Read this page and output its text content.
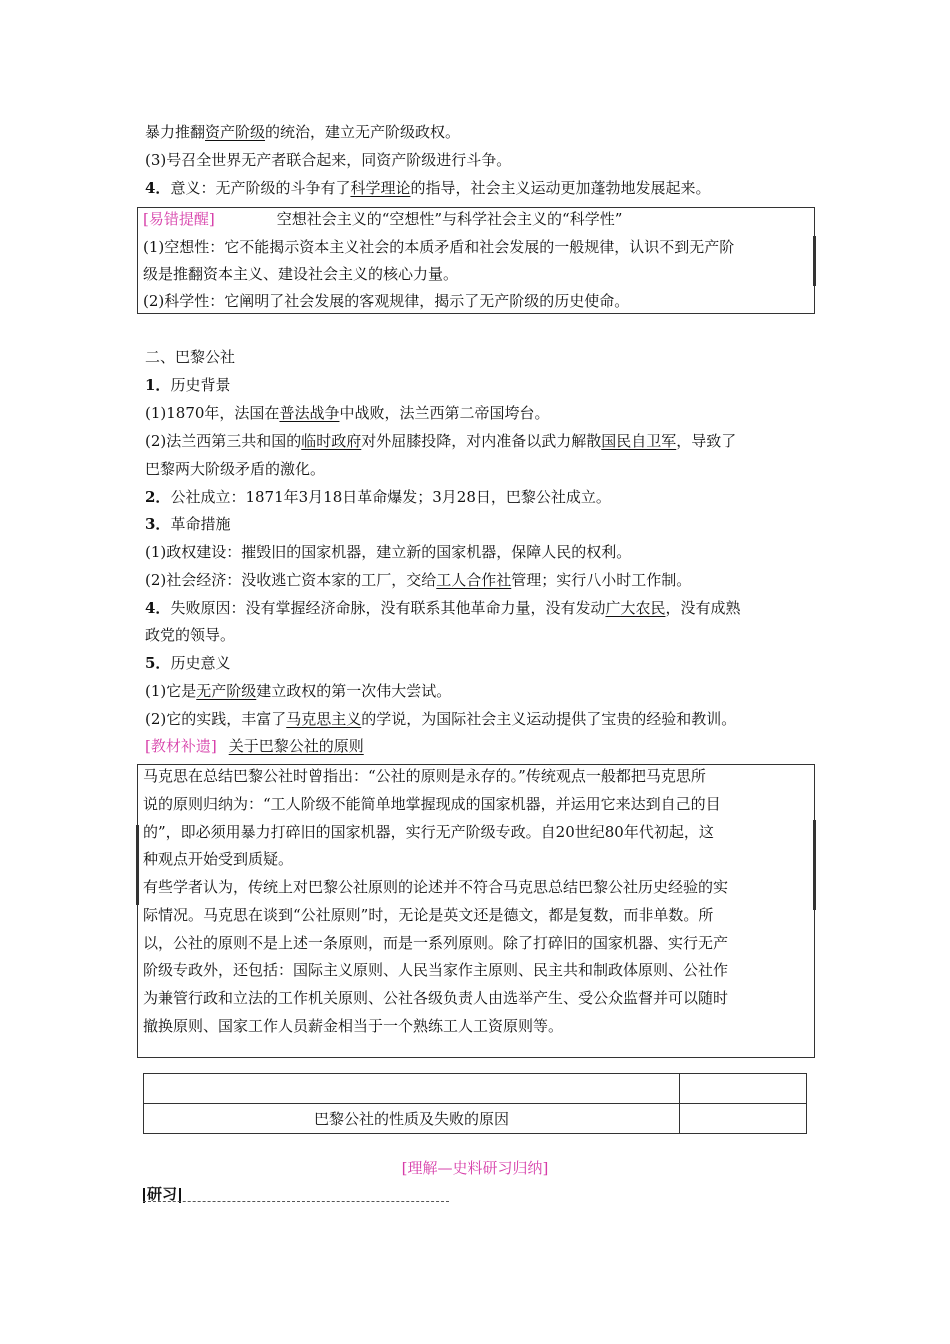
暴力推翻资产阶级的统治，建立无产阶级政权。
(3)号召全世界无产者联合起来，同资产阶级进行斗争。
4．意义：无产阶级的斗争有了科学理论的指导，社会主义运动更加蓬勃地发展起来。
[易错提醒]	空想社会主义的“空想性”与科学社会主义的“科学性”
(1)空想性：它不能揭示资本主义社会的本质矛盾和社会发展的一般规律，认识不到无产阶
级是推翻资本主义、建设社会主义的核心力量。
(2)科学性：它阐明了社会发展的客观规律，揭示了无产阶级的历史使命。
二、巴黎公社
1．历史背景
(1)1870年，法国在普法战争中战败，法兰西第二帝国垮台。
(2)法兰西第三共和国的临时政府对外屈膝投降，对内准备以武力解散国民自卫军，导致了
巴黎两大阶级矛盾的激化。
2．公社成立：1871年3月18日革命爆发；3月28日，巴黎公社成立。
3．革命措施
(1)政权建设：摧毁旧的国家机器，建立新的国家机器，保障人民的权利。
(2)社会经济：没收逃亡资本家的工厂，交给工人合作社管理；实行八小时工作制。
4．失败原因：没有掌握经济命脉，没有联系其他革命力量，没有发动广大农民，没有成熟
政党的领导。
5．历史意义
(1)它是无产阶级建立政权的第一次伟大尝试。
(2)它的实践，丰富了马克思主义的学说，为国际社会主义运动提供了宝贵的经验和教训。
[教材补遗] 关于巴黎公社的原则
马克思在总结巴黎公社时曾指出：“公社的原则是永存的。”传统观点一般都把马克思所
说的原则归纳为：“工人阶级不能简单地掌握现成的国家机器，并运用它来达到自己的目
的”，即必须用暴力打碎旧的国家机器，实行无产阶级专政。自20世纪80年代初起，这
种观点开始受到质疑。
有些学者认为，传统上对巴黎公社原则的论述并不符合马克思总结巴黎公社历史经验的实
际情况。马克思在谈到“公社原则”时，无论是英文还是德文，都是复数，而非单数。所
以，公社的原则不是上述一条原则，而是一系列原则。除了打碎旧的国家机器、实行无产
阶级专政外，还包括：国际主义原则、人民当家作主原则、民主共和制政体原则、公社作
为兼管行政和立法的工作机关原则、公社各级负责人由选举产生、受公众监督并可以随时
撤换原则、国家工作人员薪金相当于一个熟练工人工资原则等。

巴黎公社的性质及失败的原因	
[理解—史料研习归纳]
研习
